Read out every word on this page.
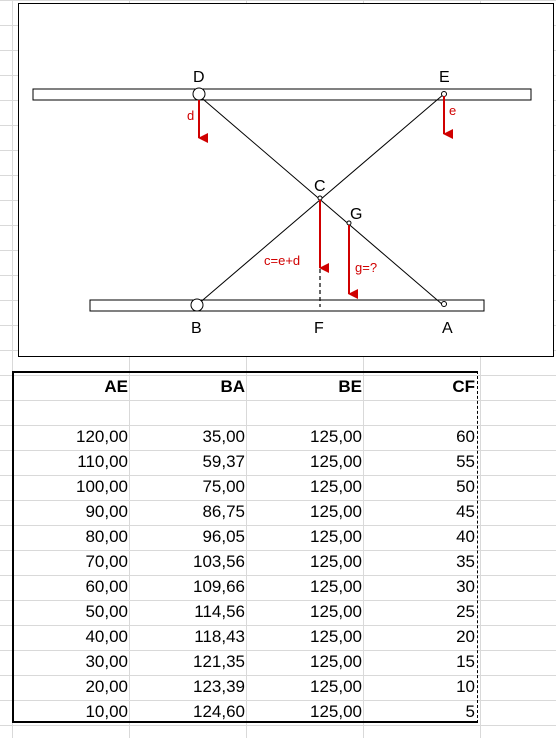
D	E
C
G
B	F	A
d	e
c=e+d	g=?
AE	BA	BE	CF

120,00	35,00	125,00	60
110,00	59,37	125,00	55
100,00	75,00	125,00	50
90,00	86,75	125,00	45
80,00	96,05	125,00	40
70,00	103,56	125,00	35
60,00	109,66	125,00	30
50,00	114,56	125,00	25
40,00	118,43	125,00	20
30,00	121,35	125,00	15
20,00	123,39	125,00	10
10,00	124,60	125,00	5
